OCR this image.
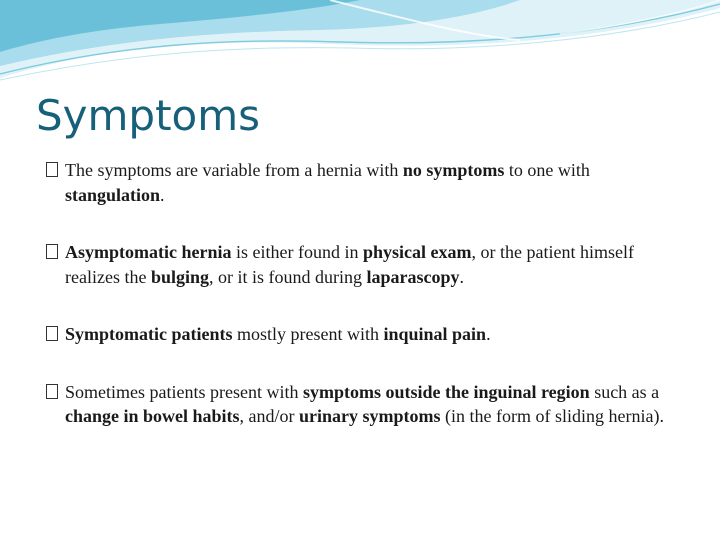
Symptoms
The symptoms are variable from a hernia with no symptoms to one with stangulation.
Asymptomatic hernia is either found in physical exam, or the patient himself realizes the bulging, or it is found during laparascopy.
Symptomatic patients mostly present with inquinal pain.
Sometimes patients present with symptoms outside the inguinal region such as a change in bowel habits, and/or urinary symptoms (in the form of sliding hernia).
